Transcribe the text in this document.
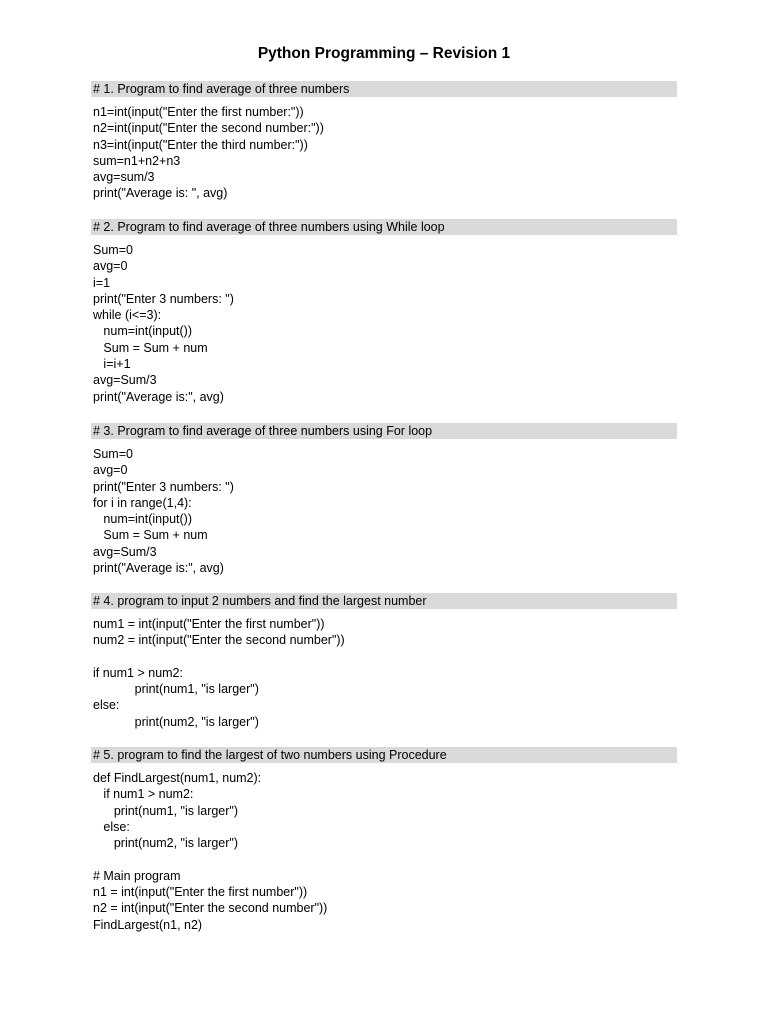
Python Programming – Revision 1
# 1. Program to find average of three numbers
n1=int(input("Enter the first number:"))
n2=int(input("Enter the second number:"))
n3=int(input("Enter the third number:"))
sum=n1+n2+n3
avg=sum/3
print("Average is: ", avg)
# 2. Program to find average of three numbers using While loop
Sum=0
avg=0
i=1
print("Enter 3 numbers: ")
while (i<=3):
num=int(input())
Sum = Sum + num
i=i+1
avg=Sum/3
print("Average is:", avg)
# 3. Program to find average of three numbers using For loop
Sum=0
avg=0
print("Enter 3 numbers: ")
for i in range(1,4):
num=int(input())
Sum = Sum + num
avg=Sum/3
print("Average is:", avg)
# 4. program to input 2 numbers and find the largest number
num1 = int(input("Enter the first number"))
num2 = int(input("Enter the second number"))
if num1 > num2:
print(num1, "is larger")
else:
print(num2, "is larger")
# 5. program to find the largest of two numbers using Procedure
def FindLargest(num1, num2):
if num1 > num2:
print(num1, "is larger")
else:
print(num2, "is larger")
# Main program
n1 = int(input("Enter the first number"))
n2 = int(input("Enter the second number"))
FindLargest(n1, n2)
